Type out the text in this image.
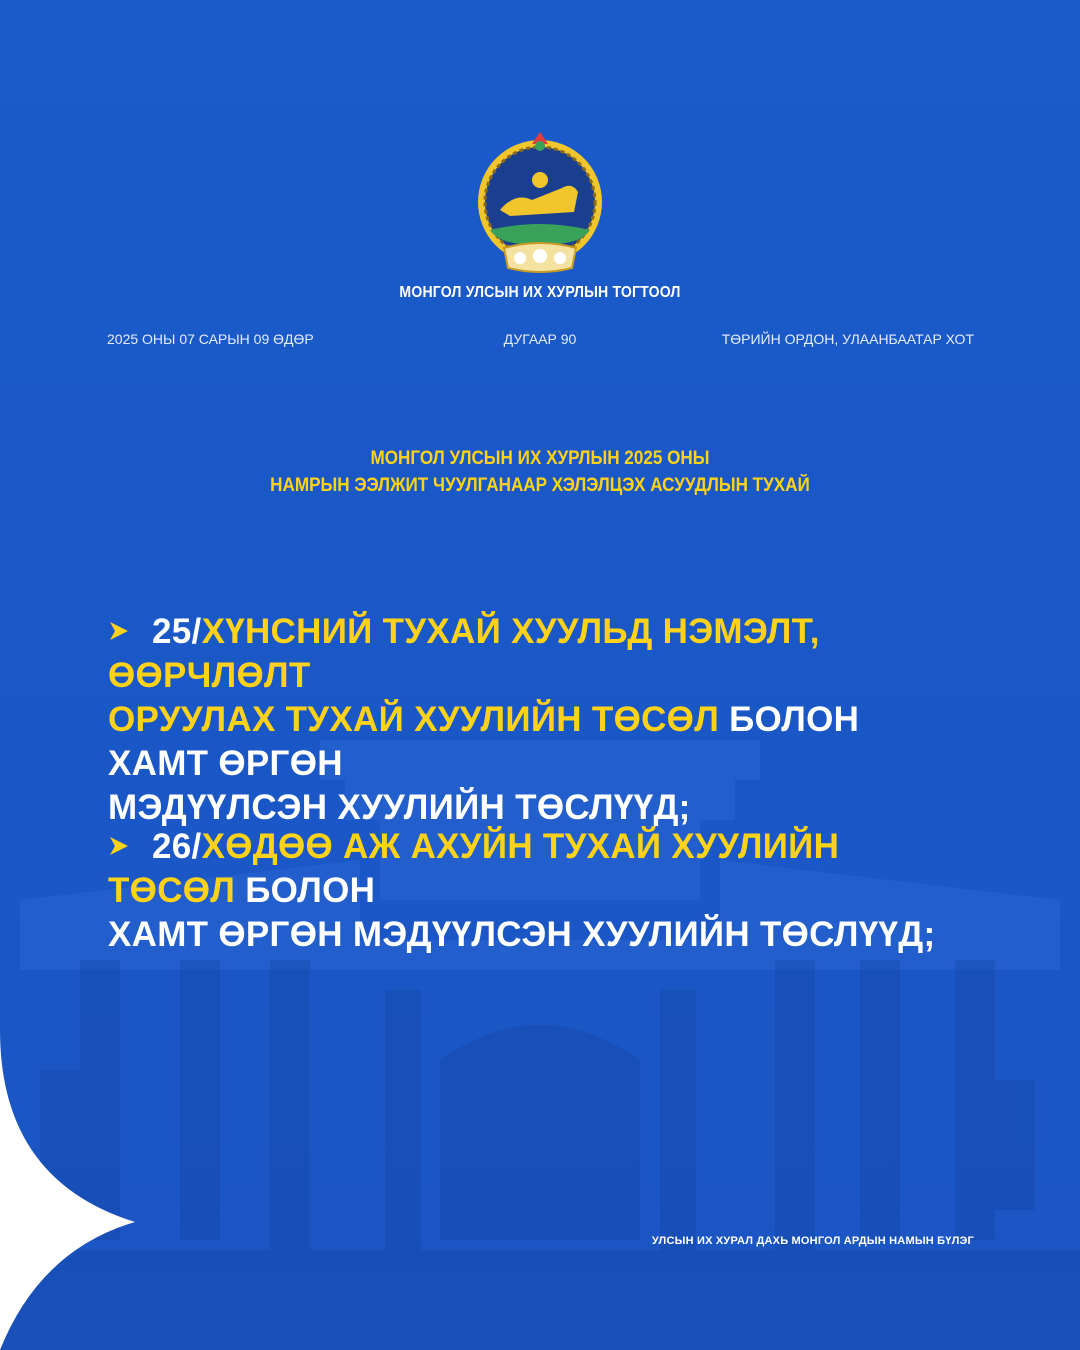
МОНГОЛ УЛСЫН ИХ ХУРЛЫН ТОГТООЛ
2025 ОНЫ 07 САРЫН 09 ӨДӨР	ДУГААР 90	ТӨРИЙН ОРДОН, УЛААНБААТАР ХОТ
МОНГОЛ УЛСЫН ИХ ХУРЛЫН 2025 ОНЫ
НАМРЫН ЭЭЛЖИТ ЧУУЛГАНААР ХЭЛЭЛЦЭХ АСУУДЛЫН ТУХАЙ
25/ХҮНСНИЙ ТУХАЙ ХУУЛЬД НЭМЭЛТ, ӨӨРЧЛӨЛТ
ОРУУЛАХ ТУХАЙ ХУУЛИЙН ТӨСӨЛ БОЛОН ХАМТ ӨРГӨН
МЭДҮҮЛСЭН ХУУЛИЙН ТӨСЛҮҮД;
26/ХӨДӨӨ АЖ АХУЙН ТУХАЙ ХУУЛИЙН ТӨСӨЛ БОЛОН
ХАМТ ӨРГӨН МЭДҮҮЛСЭН ХУУЛИЙН ТӨСЛҮҮД;
УЛСЫН ИХ ХУРАЛ ДАХЬ МОНГОЛ АРДЫН НАМЫН БҮЛЭГ
